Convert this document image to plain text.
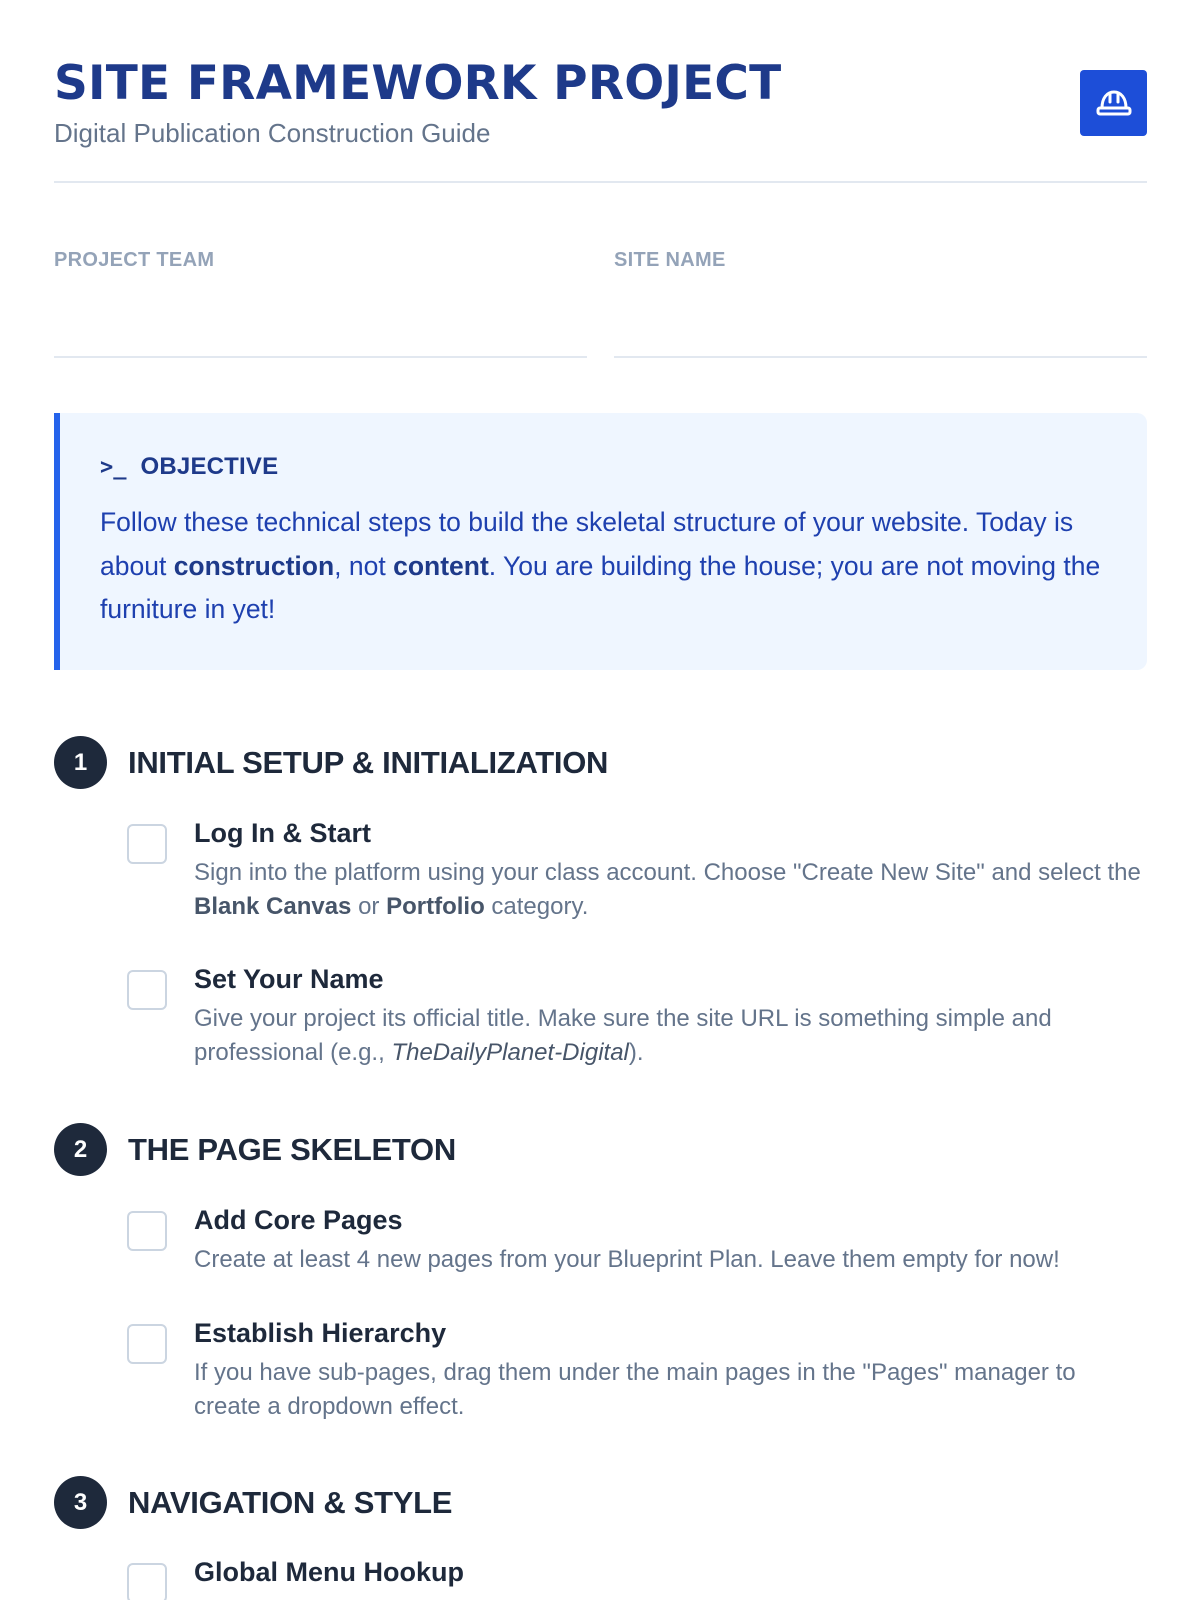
SITE FRAMEWORK PROJECT
Digital Publication Construction Guide
PROJECT TEAM	SITE NAME
>_ OBJECTIVE
Follow these technical steps to build the skeletal structure of your website. Today is about construction, not content. You are building the house; you are not moving the furniture in yet!
1	INITIAL SETUP & INITIALIZATION
Log In & Start
Sign into the platform using your class account. Choose "Create New Site" and select the Blank Canvas or Portfolio category.
Set Your Name
Give your project its official title. Make sure the site URL is something simple and professional (e.g., TheDailyPlanet-Digital).
2	THE PAGE SKELETON
Add Core Pages
Create at least 4 new pages from your Blueprint Plan. Leave them empty for now!
Establish Hierarchy
If you have sub-pages, drag them under the main pages in the "Pages" manager to create a dropdown effect.
3	NAVIGATION & STYLE
Global Menu Hookup
